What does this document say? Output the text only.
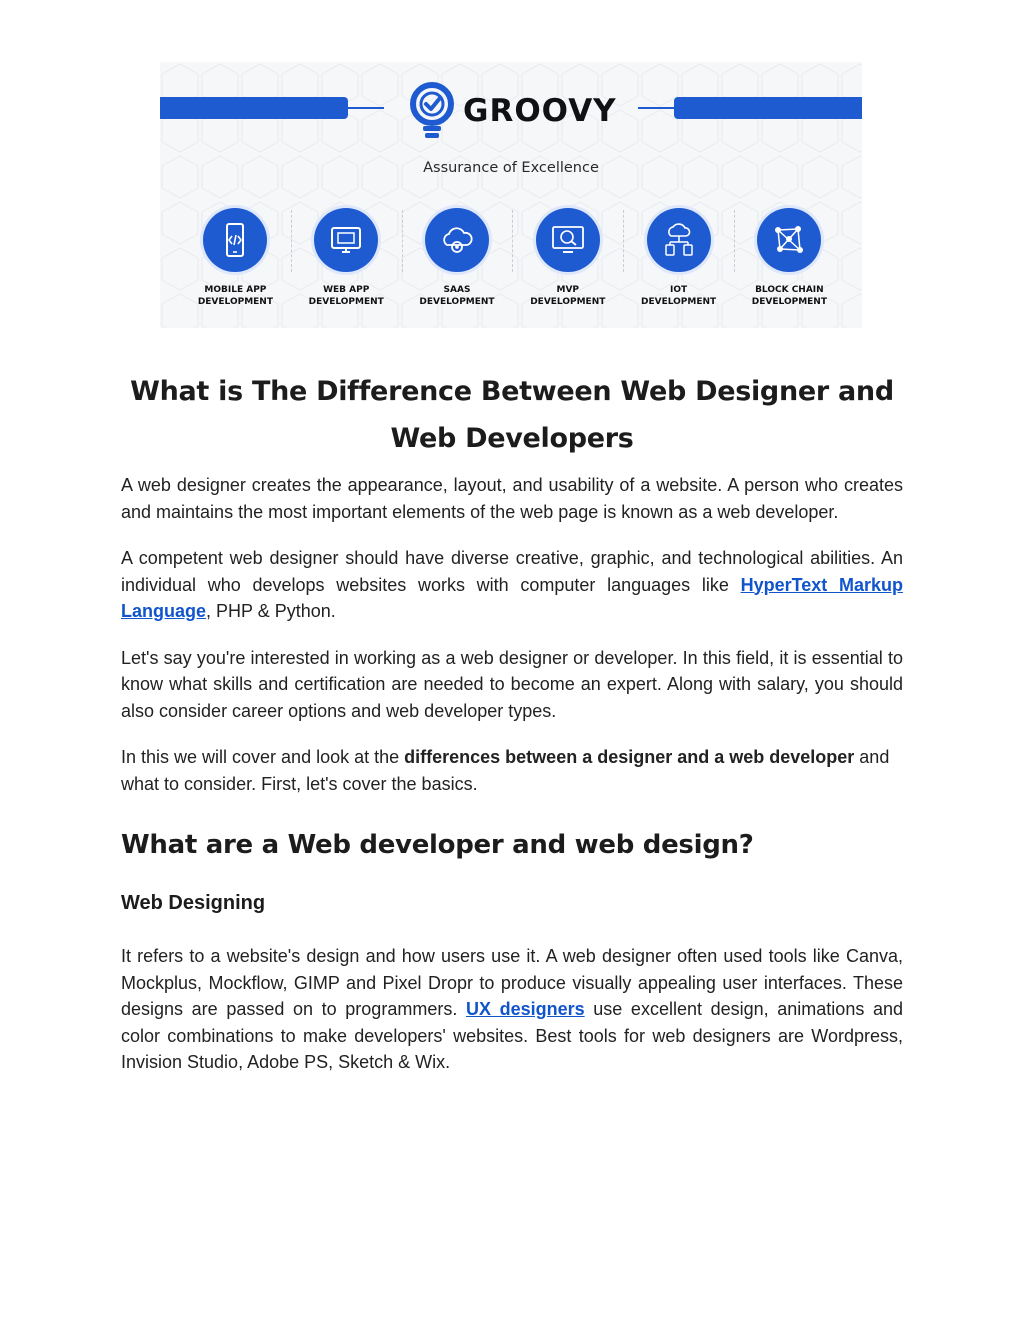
GROOVY
Assurance of Excellence
MOBILE APP
DEVELOPMENT
WEB APP
DEVELOPMENT
SAAS
DEVELOPMENT
MVP
DEVELOPMENT
IOT
DEVELOPMENT
BLOCK CHAIN
DEVELOPMENT
What is The Difference Between Web Designer and Web Developers

A web designer creates the appearance, layout, and usability of a website. A person who creates and maintains the most important elements of the web page is known as a web developer.

A competent web designer should have diverse creative, graphic, and technological abilities. An individual who develops websites works with computer languages like HyperText Markup Language, PHP & Python.

Let's say you're interested in working as a web designer or developer. In this field, it is essential to know what skills and certification are needed to become an expert. Along with salary, you should also consider career options and web developer types.

In this we will cover and look at the differences between a designer and a web developer and what to consider. First, let's cover the basics.

What are a Web developer and web design?
Web Designing

It refers to a website's design and how users use it. A web designer often used tools like Canva, Mockplus, Mockflow, GIMP and Pixel Dropr to produce visually appealing user interfaces. These designs are passed on to programmers. UX designers use excellent design, animations and color combinations to make developers' websites. Best tools for web designers are Wordpress, Invision Studio, Adobe PS, Sketch & Wix.
